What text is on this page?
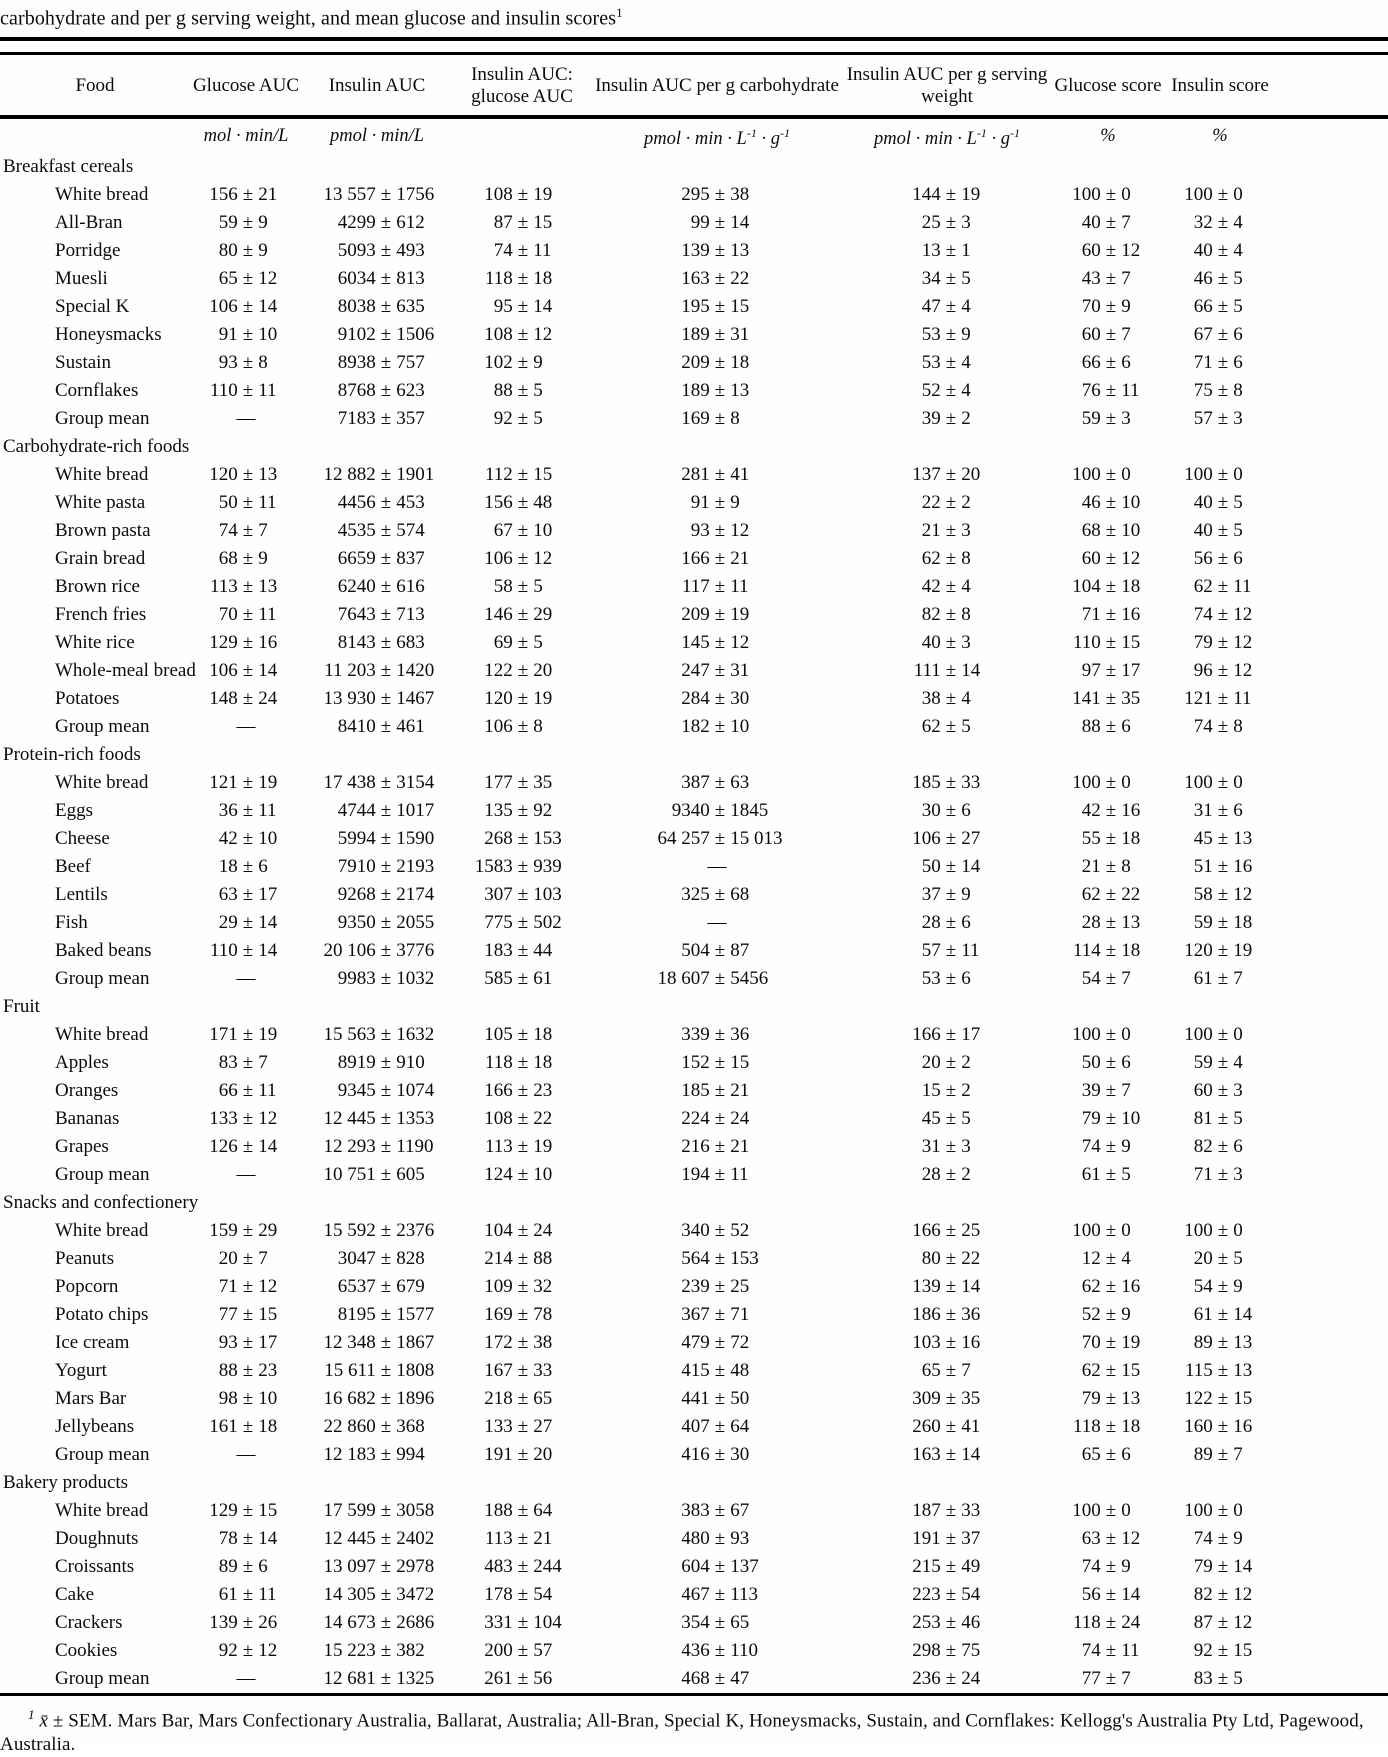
carbohydrate and per g serving weight, and mean glucose and insulin scores$^1$
Food	Glucose AUC	Insulin AUC	Insulin AUC: glucose AUC	Insulin AUC per g carbohydrate	Insulin AUC per g serving weight	Glucose score	Insulin score	
	mol · min/L	pmol · min/L		pmol · $\min \cdot L^{-1} \cdot g^{-1}$	pmol · $\min \cdot L^{-1} \cdot g^{-1}$	%	%	
Breakfast cereals								
White bread	156 ± 21	13 557 ± 1756	108 ± 19	295 ± 38	144 ± 19	100 ± 0	100 ± 0	

All-Bran	59 ± 9	4299 ± 612	87 ± 15	99 ± 14	25 ± 3	40 ± 7	32 ± 4	

Porridge	80 ± 9	5093 ± 493	74 ± 11	139 ± 13	13 ± 1	60 ± 12	40 ± 4	

Muesli	65 ± 12	6034 ± 813	118 ± 18	163 ± 22	34 ± 5	43 ± 7	46 ± 5	

Special K	106 ± 14	8038 ± 635	95 ± 14	195 ± 15	47 ± 4	70 ± 9	66 ± 5	

Honeysmacks	91 ± 10	9102 ± 1506	108 ± 12	189 ± 31	53 ± 9	60 ± 7	67 ± 6	

Sustain	93 ± 8	8938 ± 757	102 ± 9	209 ± 18	53 ± 4	66 ± 6	71 ± 6	

Cornflakes	110 ± 11	8768 ± 623	88 ± 5	189 ± 13	52 ± 4	76 ± 11	75 ± 8	

Group mean	—	7183 ± 357	92 ± 5	169 ± 8	39 ± 2	59 ± 3	57 ± 3	

Carbohydrate-rich foods								
White bread	120 ± 13	12 882 ± 1901	112 ± 15	281 ± 41	137 ± 20	100 ± 0	100 ± 0	

White pasta	50 ± 11	4456 ± 453	156 ± 48	91 ± 9	22 ± 2	46 ± 10	40 ± 5	

Brown pasta	74 ± 7	4535 ± 574	67 ± 10	93 ± 12	21 ± 3	68 ± 10	40 ± 5	

Grain bread	68 ± 9	6659 ± 837	106 ± 12	166 ± 21	62 ± 8	60 ± 12	56 ± 6	

Brown rice	113 ± 13	6240 ± 616	58 ± 5	117 ± 11	42 ± 4	104 ± 18	62 ± 11	

French fries	70 ± 11	7643 ± 713	146 ± 29	209 ± 19	82 ± 8	71 ± 16	74 ± 12	

White rice	129 ± 16	8143 ± 683	69 ± 5	145 ± 12	40 ± 3	110 ± 15	79 ± 12	

Whole-meal bread	106 ± 14	11 203 ± 1420	122 ± 20	247 ± 31	111 ± 14	97 ± 17	96 ± 12	

Potatoes	148 ± 24	13 930 ± 1467	120 ± 19	284 ± 30	38 ± 4	141 ± 35	121 ± 11	

Group mean	—	8410 ± 461	106 ± 8	182 ± 10	62 ± 5	88 ± 6	74 ± 8	

Protein-rich foods								
White bread	121 ± 19	17 438 ± 3154	177 ± 35	387 ± 63	185 ± 33	100 ± 0	100 ± 0	

Eggs	36 ± 11	4744 ± 1017	135 ± 92	9340 ± 1845	30 ± 6	42 ± 16	31 ± 6	

Cheese	42 ± 10	5994 ± 1590	268 ± 153	64 257 ± 15 013	106 ± 27	55 ± 18	45 ± 13	

Beef	18 ± 6	7910 ± 2193	1583 ± 939	—	50 ± 14	21 ± 8	51 ± 16	

Lentils	63 ± 17	9268 ± 2174	307 ± 103	325 ± 68	37 ± 9	62 ± 22	58 ± 12	

Fish	29 ± 14	9350 ± 2055	775 ± 502	—	28 ± 6	28 ± 13	59 ± 18	

Baked beans	110 ± 14	20 106 ± 3776	183 ± 44	504 ± 87	57 ± 11	114 ± 18	120 ± 19	

Group mean	—	9983 ± 1032	585 ± 61	18 607 ± 5456	53 ± 6	54 ± 7	61 ± 7	

Fruit								
White bread	171 ± 19	15 563 ± 1632	105 ± 18	339 ± 36	166 ± 17	100 ± 0	100 ± 0	

Apples	83 ± 7	8919 ± 910	118 ± 18	152 ± 15	20 ± 2	50 ± 6	59 ± 4	

Oranges	66 ± 11	9345 ± 1074	166 ± 23	185 ± 21	15 ± 2	39 ± 7	60 ± 3	

Bananas	133 ± 12	12 445 ± 1353	108 ± 22	224 ± 24	45 ± 5	79 ± 10	81 ± 5	

Grapes	126 ± 14	12 293 ± 1190	113 ± 19	216 ± 21	31 ± 3	74 ± 9	82 ± 6	

Group mean	—	10 751 ± 605	124 ± 10	194 ± 11	28 ± 2	61 ± 5	71 ± 3	

Snacks and confectionery								
White bread	159 ± 29	15 592 ± 2376	104 ± 24	340 ± 52	166 ± 25	100 ± 0	100 ± 0	

Peanuts	20 ± 7	3047 ± 828	214 ± 88	564 ± 153	80 ± 22	12 ± 4	20 ± 5	

Popcorn	71 ± 12	6537 ± 679	109 ± 32	239 ± 25	139 ± 14	62 ± 16	54 ± 9	

Potato chips	77 ± 15	8195 ± 1577	169 ± 78	367 ± 71	186 ± 36	52 ± 9	61 ± 14	

Ice cream	93 ± 17	12 348 ± 1867	172 ± 38	479 ± 72	103 ± 16	70 ± 19	89 ± 13	

Yogurt	88 ± 23	15 611 ± 1808	167 ± 33	415 ± 48	65 ± 7	62 ± 15	115 ± 13	

Mars Bar	98 ± 10	16 682 ± 1896	218 ± 65	441 ± 50	309 ± 35	79 ± 13	122 ± 15	

Jellybeans	161 ± 18	22 860 ± 368	133 ± 27	407 ± 64	260 ± 41	118 ± 18	160 ± 16	

Group mean	—	12 183 ± 994	191 ± 20	416 ± 30	163 ± 14	65 ± 6	89 ± 7	

Bakery products								
White bread	129 ± 15	17 599 ± 3058	188 ± 64	383 ± 67	187 ± 33	100 ± 0	100 ± 0	

Doughnuts	78 ± 14	12 445 ± 2402	113 ± 21	480 ± 93	191 ± 37	63 ± 12	74 ± 9	

Croissants	89 ± 6	13 097 ± 2978	483 ± 244	604 ± 137	215 ± 49	74 ± 9	79 ± 14	

Cake	61 ± 11	14 305 ± 3472	178 ± 54	467 ± 113	223 ± 54	56 ± 14	82 ± 12	

Crackers	139 ± 26	14 673 ± 2686	331 ± 104	354 ± 65	253 ± 46	118 ± 24	87 ± 12	

Cookies	92 ± 12	15 223 ± 382	200 ± 57	436 ± 110	298 ± 75	74 ± 11	92 ± 15	

Group mean	—	12 681 ± 1325	261 ± 56	468 ± 47	236 ± 24	77 ± 7	83 ± 5	

$^1$ x̄ ± SEM. Mars Bar, Mars Confectionary Australia, Ballarat, Australia; All-Bran, Special K, Honeysmacks, Sustain, and Cornflakes: Kellogg's Australia Pty Ltd, Pagewood, Australia.
